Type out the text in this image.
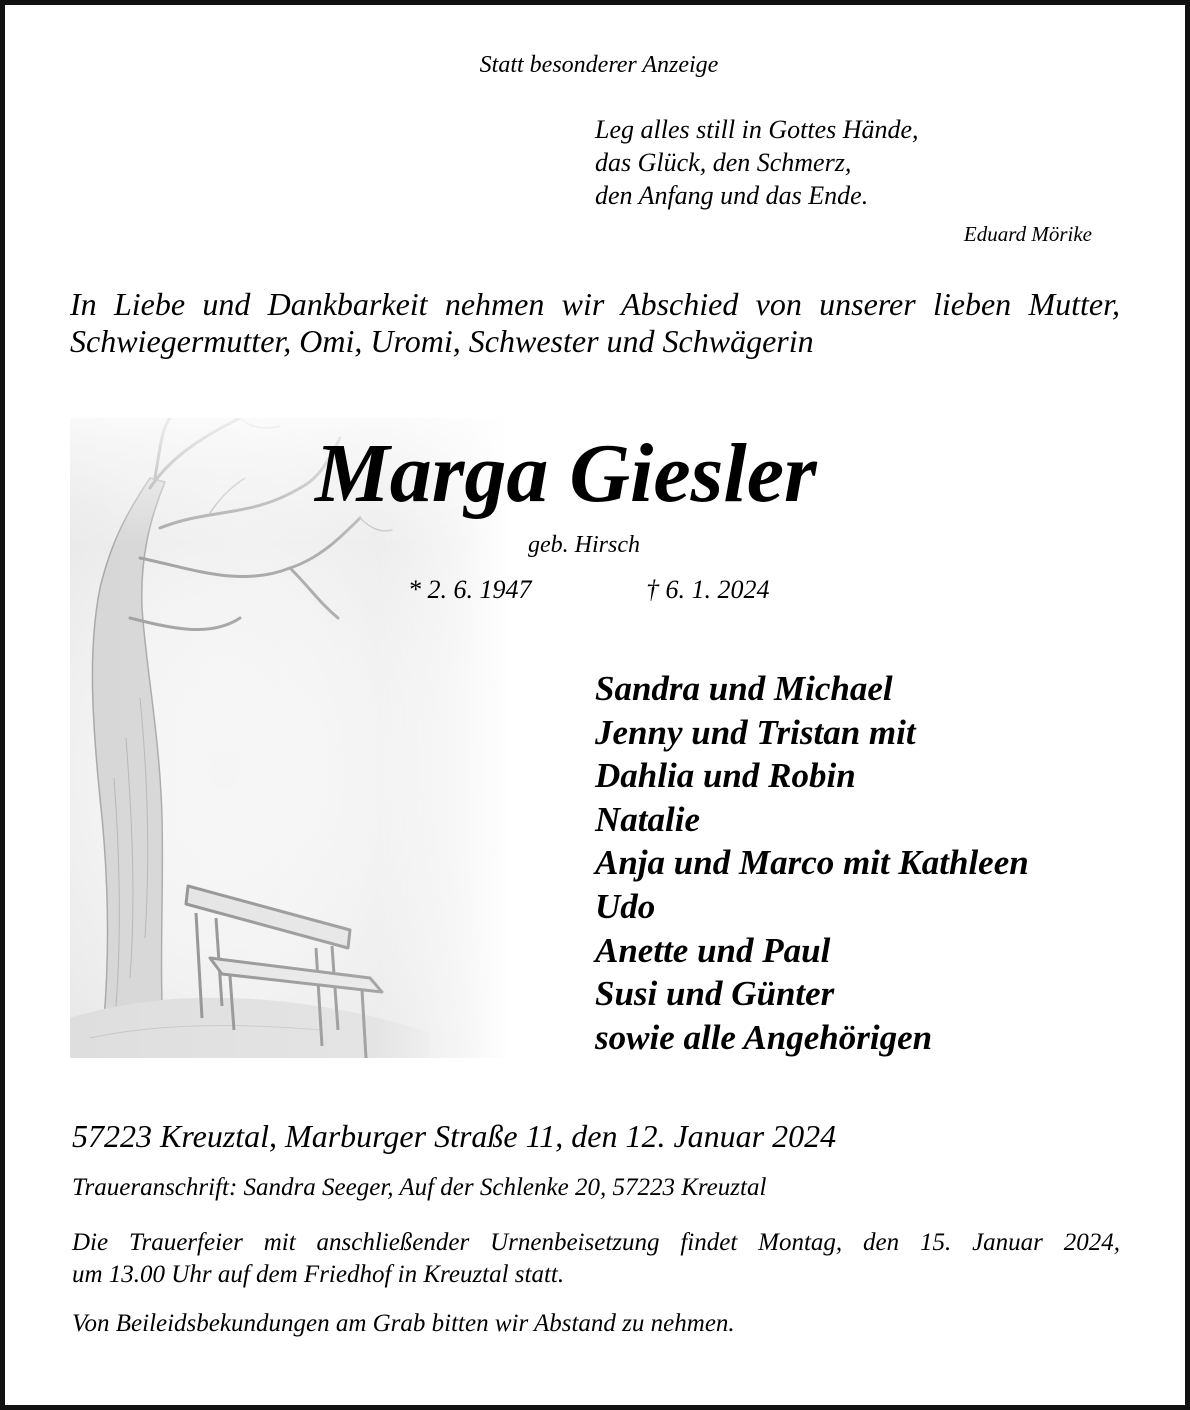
Statt besonderer Anzeige
Leg alles still in Gottes Hände,
das Glück, den Schmerz,
den Anfang und das Ende.
Eduard Mörike
In Liebe und Dankbarkeit nehmen wir Abschied von unserer lieben Mutter,
Schwiegermutter, Omi, Uromi, Schwester und Schwägerin
Marga Giesler
geb. Hirsch
* 2. 6. 1947	† 6. 1. 2024
Sandra und Michael
Jenny und Tristan mit
Dahlia und Robin
Natalie
Anja und Marco mit Kathleen
Udo
Anette und Paul
Susi und Günter
sowie alle Angehörigen
57223 Kreuztal, Marburger Straße 11, den 12. Januar 2024
Traueranschrift: Sandra Seeger, Auf der Schlenke 20, 57223 Kreuztal
Die Trauerfeier mit anschließender Urnenbeisetzung findet Montag, den 15. Januar 2024,
um 13.00 Uhr auf dem Friedhof in Kreuztal statt.
Von Beileidsbekundungen am Grab bitten wir Abstand zu nehmen.
